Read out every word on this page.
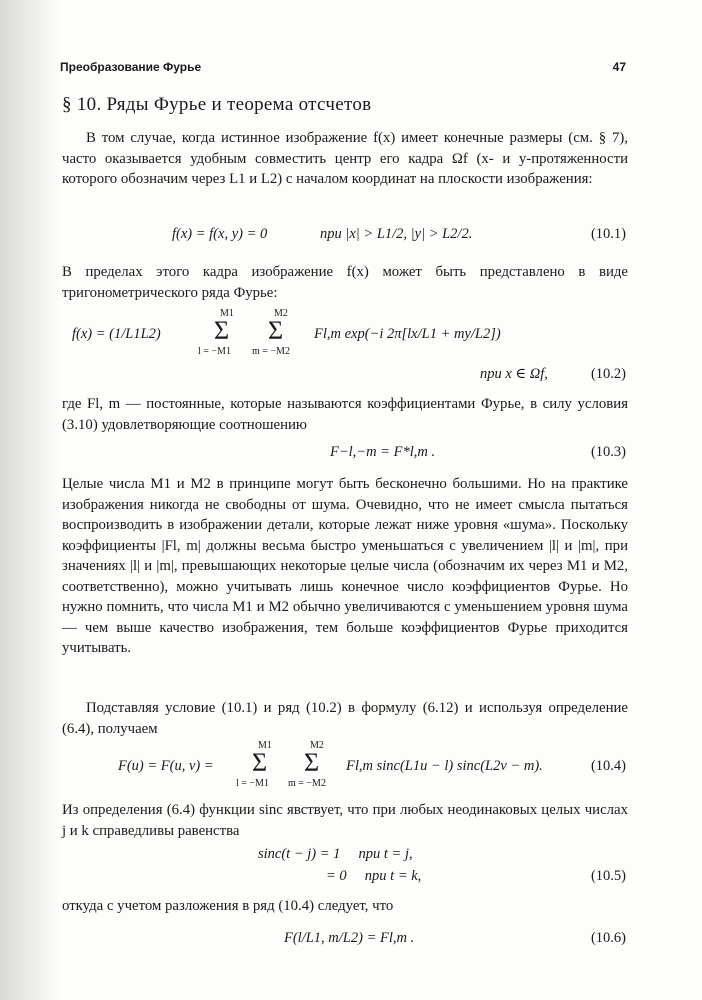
Преобразование Фурье	47
§ 10. Ряды Фурье и теорема отсчетов

В том случае, когда истинное изображение f(x) имеет конечные размеры (см. § 7), часто оказывается удобным совместить центр его кадра Ωf (x- и y-протяженности которого обозначим через L1 и L2) с началом координат на плоскости изображения:

f(x) = f(x, y) = 0	при |x| > L1/2, |y| > L2/2.	(10.1)

В пределах этого кадра изображение f(x) может быть представлено в виде тригонометрического ряда Фурье:

f(x) = (1/L1L2)
M1
Σ
l = −M1
M2
Σ
m = −M2
Fl,m exp(−i 2π[lx/L1 + my/L2])
при x ∈ Ωf,	(10.2)

где Fl, m — постоянные, которые называются коэффициентами Фурье, в силу условия (3.10) удовлетворяющие соотношению

F−l,−m = F*l,m .	(10.3)

Целые числа M1 и M2 в принципе могут быть бесконечно большими. Но на практике изображения никогда не свободны от шума. Очевидно, что не имеет смысла пытаться воспроизводить в изображении детали, которые лежат ниже уровня «шума». Поскольку коэффициенты |Fl, m| должны весьма быстро уменьшаться с увеличением |l| и |m|, при значениях |l| и |m|, превышающих некоторые целые числа (обозначим их через M1 и M2, соответственно), можно учитывать лишь конечное число коэффициентов Фурье. Но нужно помнить, что числа M1 и M2 обычно увеличиваются с уменьшением уровня шума — чем выше качество изображения, тем больше коэффициентов Фурье приходится учитывать.

Подставляя условие (10.1) и ряд (10.2) в формулу (6.12) и используя определение (6.4), получаем

F(u) = F(u, v) =
M1
Σ
l = −M1
M2
Σ
m = −M2
Fl,m sinc(L1u − l) sinc(L2v − m).	(10.4)

Из определения (6.4) функции sinc явствует, что при любых неодинаковых целых числах j и k справедливы равенства

sinc(t − j) = 1     при t = j,
= 0     при t = k,	(10.5)

откуда с учетом разложения в ряд (10.4) следует, что

F(l/L1, m/L2) = Fl,m .	(10.6)
